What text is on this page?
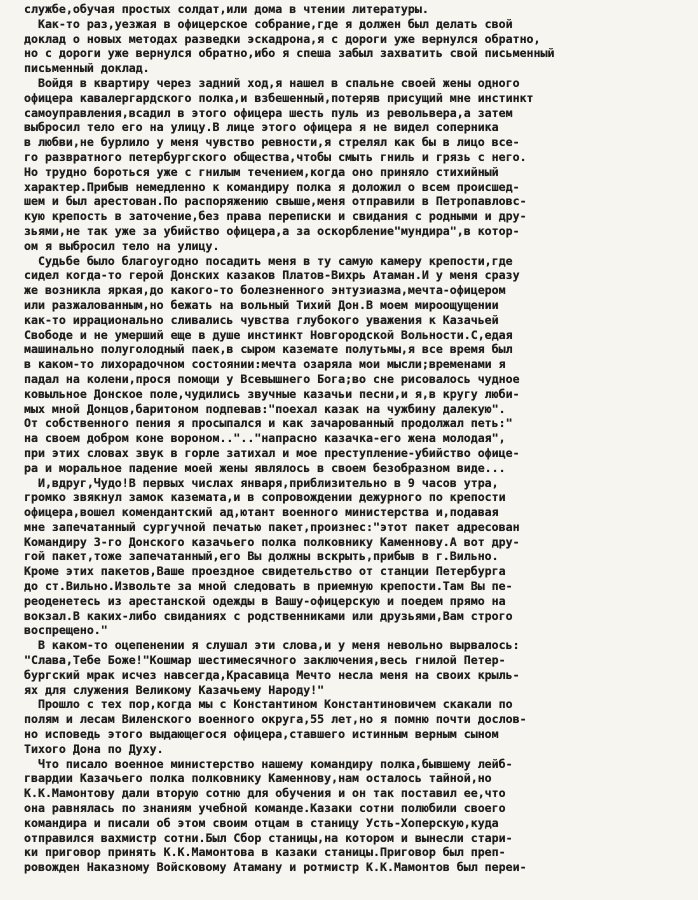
службе,обучая простых солдат,или дома в чтении литературы.
Как-то раз,уезжая в офицерское собрание,где я должен был делать свой
доклад о новых методах разведки эскадрона,я с дороги уже вернулся обратно,
но с дороги уже вернулся обратно,ибо я спеша забыл захватить свой письменный
пиcьменный доклад.
Войдя в квартиру через задний ход,я нашел в спальне своей жены одного
офицера кавалергардского полка,и взбешенный,потеряв присущий мне инстинкт
самоуправления,всадил в этого офицера шесть пуль из револьвера,а затем
выбросил тело его на улицу.В лице этого офицера я не видел соперника
в любви,не бурлило у меня чувство ревности,я стрелял как бы в лицо все-
го развратного петербургского общества,чтобы смыть гниль и грязь с него.
Но трудно бороться уже с гнилым течением,когда оно приняло стихийный
характер.Прибыв немедленно к командиру полка я доложил о всем происшед-
шем и был арестован.По распоряжению свыше,меня отправили в Петропавловс-
кую крепость в заточение,без права переписки и свидания с родными и дру-
зьями,не так уже за убийство офицера,а за оскорбление"мундира",в котор-
ом я выбросил тело на улицу.
Судьбе было благоугодно посадить меня в ту самую камеру крепости,где
сидел когда-то герой Донских казаков Платов-Вихрь Атаман.И у меня сразу
же возникла яркая,до какого-то болезненного энтузиазма,мечта-офицером
или разжалованным,но бежать на вольный Тихий Дон.В моем мироощущении
как-то иррационально сливались чувства глубокого уважения к Казачьей
Свободе и не умерший еще в душе инстинкт Новгородской Вольности.С,едая
машинально полуголодный паек,в сыром каземате полутьмы,я все время был
в каком-то лихорадочном состоянии:мечта озаряла мои мысли;временами я
падал на колени,прося помощи у Всевышнего Бога;во сне рисовалось чудное
ковыльное Донское поле,чудились звучные казачьи песни,и я,в кругу люби-
мых мной Донцов,баритоном подпевав:"поехал казак на чужбину далекую".
От собственного пения я просыпался и как зачарованный продолжал петь:"
на своем добром коне вороном..".."напрасно казачка-его жена молодая",
при этих словах звук в горле затихал и мое преступление-убийство офице-
ра и моральное падение моей жены являлось в своем безобразном виде...
И,вдруг,Чудо!В первых числах января,приблизительно в 9 часов утра,
громко звякнул замок каземата,и в сопровождении дежурного по крепости
офицера,вошел комендантский ад,ютант военного министерства и,подавая
мне запечатанный сургучной печатью пакет,произнес:"этот пакет адресован
Командиру 3-го Донского казачьего полка полковнику Каменнову.А вот дру-
гой пакет,тоже запечатанный,его Вы должны вскрыть,прибыв в г.Вильно.
Кроме этих пакетов,Ваше проездное свидетельство от станции Петербурга
до ст.Вильно.Извольте за мной следовать в приемную крепости.Там Вы пе-
реоденетесь из арестанской одежды в Вашу-офицерскую и поедем прямо на
вокзал.В каких-либо свиданиях с родственниками или друзьями,Вам строго
воспрещено."
В каком-то оцепенении я слушал эти слова,и у меня невольно вырвалось:
"Слава,Тебе Боже!"Кошмар шестимесячного заключения,весь гнилой Петер-
бургский мрак исчез навсегда,Красавица Мечто несла меня на своих крыль-
ях для служения Великому Казачьему Народу!"
Прошло с тех пор,когда мы с Константином Константиновичем скакали по
полям и лесам Виленского военного округа,55 лет,но я помню почти дослов-
но исповедь этого выдающегося офицера,ставшего истинным верным сыном
Тихого Дона по Духу.
Что писало военное министерство нашему командиру полка,бывшему лейб-
гвардии Казачьего полка полковнику Каменнову,нам осталось тайной,но
К.К.Мамонтову дали вторую сотню для обучения и он так поставил ее,что
она равнялась по знаниям учебной команде.Казаки сотни полюбили своего
командира и писали об этом своим отцам в станицу Усть-Хоперскую,куда
отправился вахмистр сотни.Был Сбор станицы,на котором и вынесли стари-
ки приговор принять К.К.Мамонтова в казаки станицы.Приговор был преп-
ровожден Наказному Войсковому Атаману и ротмистр К.К.Мамонтов был переи-
